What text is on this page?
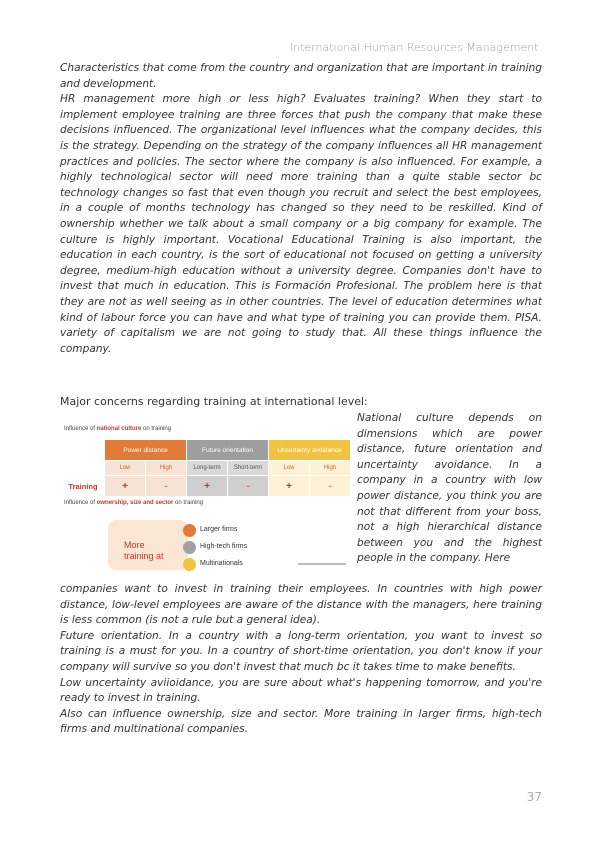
International Human Resources Management.

Characteristics that come from the country and organization that are important in training and development.

HR management more high or less high? Evaluates training? When they start to implement employee training are three forces that push the company that make these decisions influenced. The organizational level influences what the company decides, this is the strategy. Depending on the strategy of the company influences all HR management practices and policies. The sector where the company is also influenced. For example, a highly technological sector will need more training than a quite stable sector bc technology changes so fast that even though you recruit and select the best employees, in a couple of months technology has changed so they need to be reskilled. Kind of ownership whether we talk about a small company or a big company for example. The culture is highly important. Vocational Educational Training is also important, the education in each country, is the sort of educational not focused on getting a university degree, medium-high education without a university degree. Companies don't have to invest that much in education. This is Formación Profesional. The problem here is that they are not as well seeing as in other countries. The level of education determines what kind of labour force you can have and what type of training you can provide them. PISA. variety of capitalism we are not going to study that. All these things influence the company.

Major concerns regarding training at international level:
Influence of national culture on training
Training
Influence of ownership, size and sector on training
More training at
Larger firms
High-tech firms
Multinationals
Power distance
Low
+
High
-
Future orientation
Long-term
+
Short-term
-
Uncertainty avoidance
Low
+
High
-

National culture depends on dimensions which are power distance, future orientation and uncertainty avoidance. In a company in a country with low power distance, you think you are not that different from your boss, not a high hierarchical distance between you and the highest people in the company. Here

companies want to invest in training their employees. In countries with high power distance, low-level employees are aware of the distance with the managers, here training is less common (is not a rule but a general idea).

Future orientation. In a country with a long-term orientation, you want to invest so training is a must for you. In a country of short-time orientation, you don't know if your company will survive so you don't invest that much bc it takes time to make benefits.

Low uncertainty aviioidance, you are sure about what's happening tomorrow, and you're ready to invest in training.

Also can influence ownership, size and sector. More training in larger firms, high-tech firms and multinational companies.

37
